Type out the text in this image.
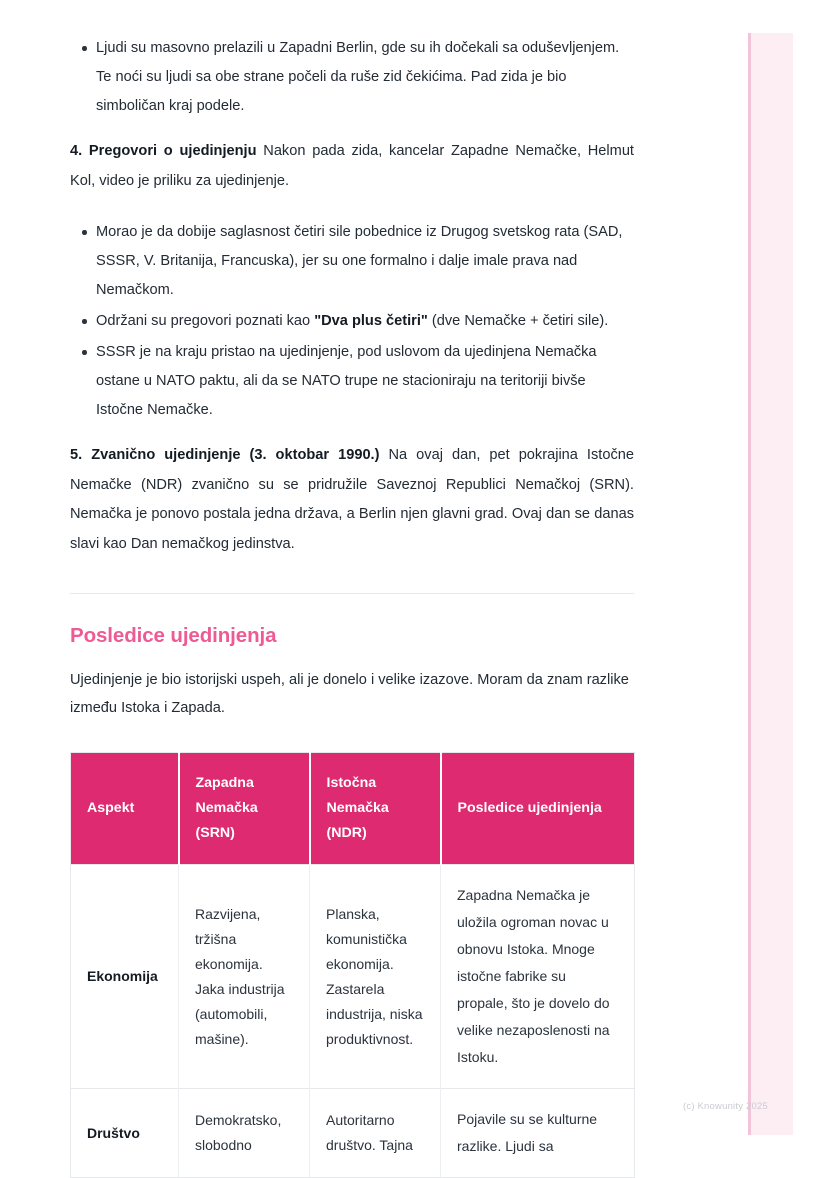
Ljudi su masovno prelazili u Zapadni Berlin, gde su ih dočekali sa oduševljenjem. Te noći su ljudi sa obe strane počeli da ruše zid čekićima. Pad zida je bio simboličan kraj podele.

4. Pregovori o ujedinjenju Nakon pada zida, kancelar Zapadne Nemačke, Helmut Kol, video je priliku za ujedinjenje.

Morao je da dobije saglasnost četiri sile pobednice iz Drugog svetskog rata (SAD, SSSR, V. Britanija, Francuska), jer su one formalno i dalje imale prava nad Nemačkom.
Održani su pregovori poznati kao "Dva plus četiri" (dve Nemačke + četiri sile).
SSSR je na kraju pristao na ujedinjenje, pod uslovom da ujedinjena Nemačka ostane u NATO paktu, ali da se NATO trupe ne stacioniraju na teritoriji bivše Istočne Nemačke.

5. Zvanično ujedinjenje (3. oktobar 1990.) Na ovaj dan, pet pokrajina Istočne Nemačke (NDR) zvanično su se pridružile Saveznoj Republici Nemačkoj (SRN). Nemačka je ponovo postala jedna država, a Berlin njen glavni grad. Ovaj dan se danas slavi kao Dan nemačkog jedinstva.

Posledice ujedinjenja

Ujedinjenje je bio istorijski uspeh, ali je donelo i velike izazove. Moram da znam razlike između Istoka i Zapada.

Aspekt	Zapadna Nemačka (SRN)	Istočna Nemačka (NDR)	Posledice ujedinjenja
Ekonomija	Razvijena, tržišna ekonomija. Jaka industrija (automobili, mašine).	Planska, komunistička ekonomija. Zastarela industrija, niska produktivnost.	Zapadna Nemačka je uložila ogroman novac u obnovu Istoka. Mnoge istočne fabrike su propale, što je dovelo do velike nezaposlenosti na Istoku.
Društvo	Demokratsko, slobodno	Autoritarno društvo. Tajna	Pojavile su se kulturne razlike. Ljudi sa
(c) Knowunity 2025
